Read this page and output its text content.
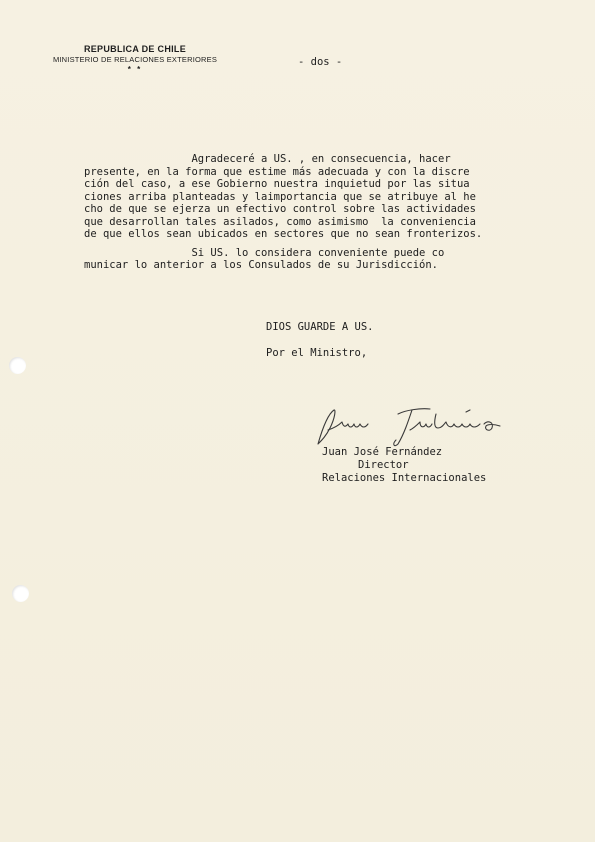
REPUBLICA DE CHILE
MINISTERIO DE RELACIONES EXTERIORES
* *
- dos -

Agradeceré a US. , en consecuencia, hacer

presente, en la forma que estime más adecuada y con la discre

ción del caso, a ese Gobierno nuestra inquietud por las situa

ciones arriba planteadas y laimportancia que se atribuye al he

cho de que se ejerza un efectivo control sobre las actividades

que desarrollan tales asilados, como asimismo  la conveniencia

de que ellos sean ubicados en sectores que no sean fronterizos.

Si US. lo considera conveniente puede co

municar lo anterior a los Consulados de su Jurisdicción.

DIOS GUARDE A US.
Por el Ministro,
Juan José Fernández
Director
Relaciones Internacionales
